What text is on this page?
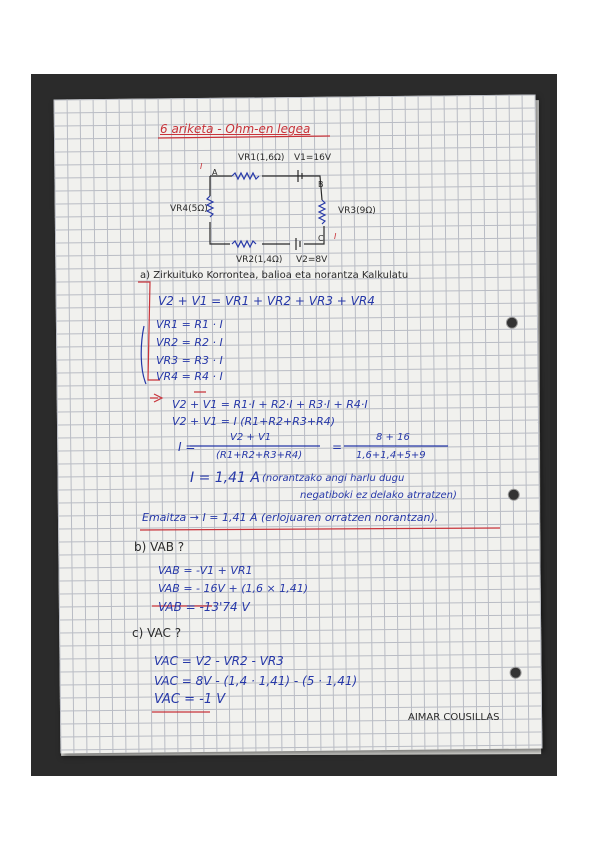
6 ariketa - Ohm-en legea
VR1(1,6Ω) V1=16V
A
B
C
I
I
VR4(5Ω)	VR3(9Ω)
VR2(1,4Ω) V2=8V
a) Zirkuituko Korrontea, balioa eta norantza Kalkulatu
V2 + V1 = VR1 + VR2 + VR3 + VR4
VR1 = R1 · I
VR2 = R2 · I
VR3 = R3 · I
VR4 = R4 · I
V2 + V1 = R1·I + R2·I + R3·I + R4·I
V2 + V1 = I (R1+R2+R3+R4)
I =
V2 + V1
(R1+R2+R3+R4)
=
8 + 16
1,6+1,4+5+9
I = 1,41 A (norantzako angi harlu dugu
negatiboki ez delako atrratzen)
Emaitza → I = 1,41 A (erlojuaren orratzen norantzan).
b) VAB ?
VAB = -V1 + VR1
VAB = - 16V + (1,6 × 1,41)
VAB = -13'74 V
c) VAC ?
VAC = V2 - VR2 - VR3
VAC = 8V - (1,4 · 1,41) - (5 · 1,41)
VAC = -1 V
AIMAR COUSILLAS
